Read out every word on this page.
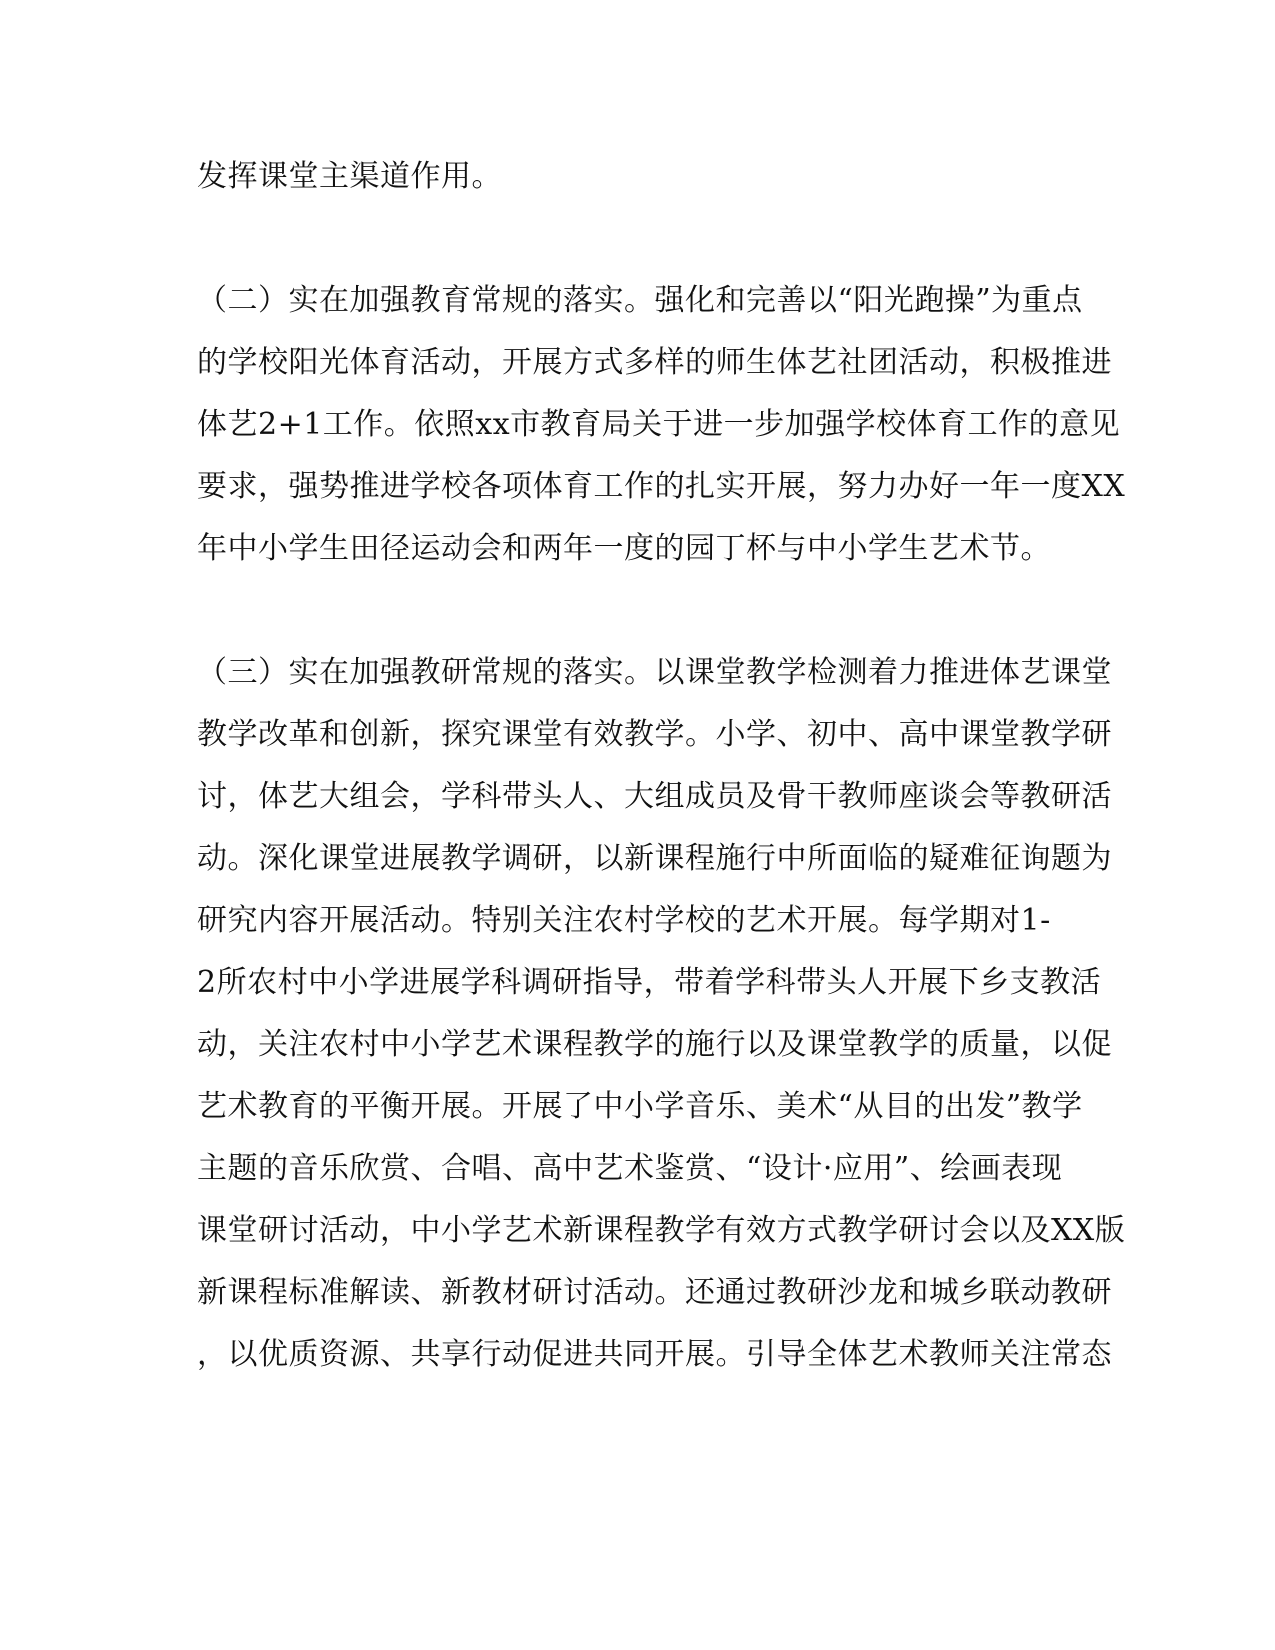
发挥课堂主渠道作用。
（二）实在加强教育常规的落实。强化和完善以“阳光跑操”为重点
的学校阳光体育活动，开展方式多样的师生体艺社团活动，积极推进
体艺2+1工作。依照xx市教育局关于进一步加强学校体育工作的意见
要求，强势推进学校各项体育工作的扎实开展，努力办好一年一度XX
年中小学生田径运动会和两年一度的园丁杯与中小学生艺术节。
（三）实在加强教研常规的落实。以课堂教学检测着力推进体艺课堂
教学改革和创新，探究课堂有效教学。小学、初中、高中课堂教学研
讨，体艺大组会，学科带头人、大组成员及骨干教师座谈会等教研活
动。深化课堂进展教学调研，以新课程施行中所面临的疑难征询题为
研究内容开展活动。特别关注农村学校的艺术开展。每学期对1-
2所农村中小学进展学科调研指导，带着学科带头人开展下乡支教活
动，关注农村中小学艺术课程教学的施行以及课堂教学的质量，以促
艺术教育的平衡开展。开展了中小学音乐、美术“从目的出发”教学
主题的音乐欣赏、合唱、高中艺术鉴赏、“设计·应用”、绘画表现
课堂研讨活动，中小学艺术新课程教学有效方式教学研讨会以及XX版
新课程标准解读、新教材研讨活动。还通过教研沙龙和城乡联动教研
，以优质资源、共享行动促进共同开展。引导全体艺术教师关注常态
